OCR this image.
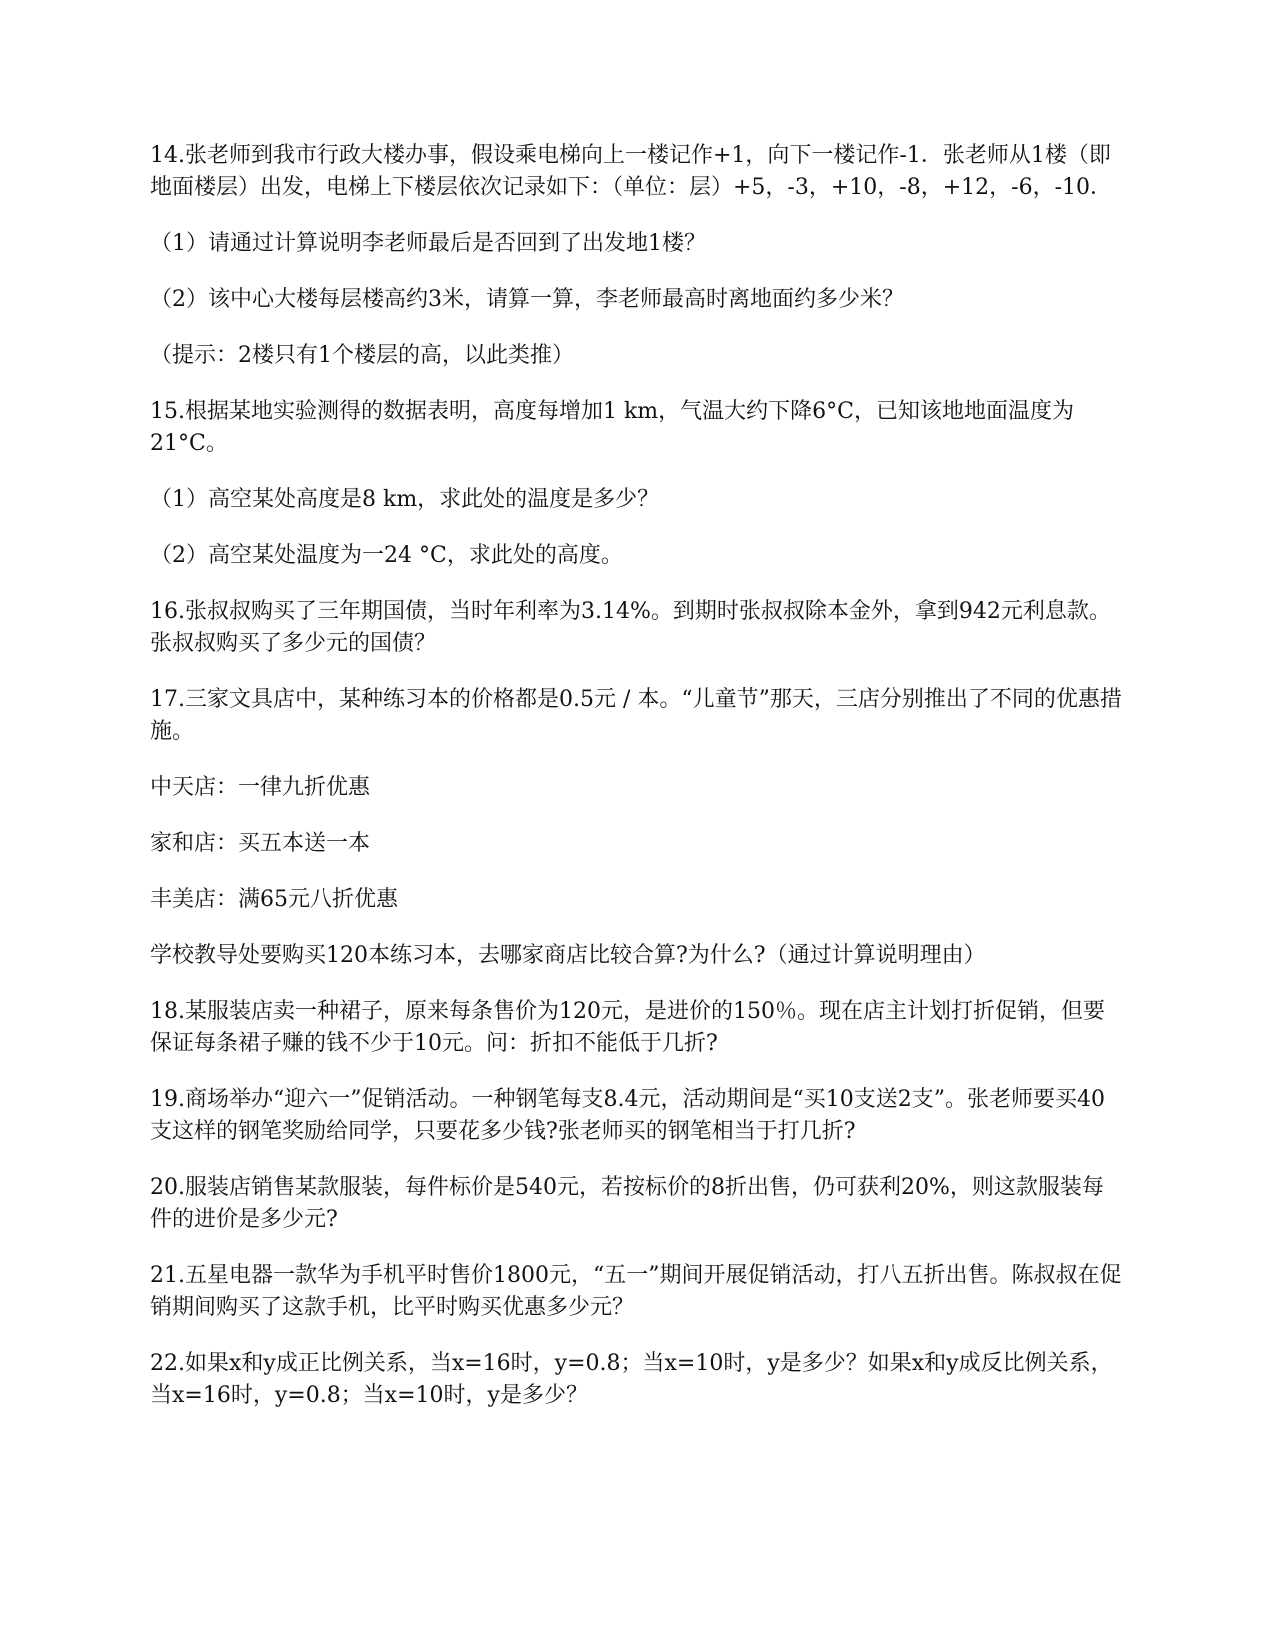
14.张老师到我市行政大楼办事，假设乘电梯向上一楼记作+1，向下一楼记作-1．张老师从1楼（即地面楼层）出发，电梯上下楼层依次记录如下：（单位：层）+5，-3，+10，-8，+12，-6，-10．

（1）请通过计算说明李老师最后是否回到了出发地1楼？

（2）该中心大楼每层楼高约3米，请算一算，李老师最高时离地面约多少米？

（提示：2楼只有1个楼层的高，以此类推）

15.根据某地实验测得的数据表明，高度每增加1 km，气温大约下降6°C，已知该地地面温度为21°C。

（1）高空某处高度是8 km，求此处的温度是多少？

（2）高空某处温度为一24 °C，求此处的高度。

16.张叔叔购买了三年期国债，当时年利率为3.14%。到期时张叔叔除本金外，拿到942元利息款。张叔叔购买了多少元的国债？

17.三家文具店中，某种练习本的价格都是0.5元 / 本。“儿童节”那天，三店分别推出了不同的优惠措施。

中天店：一律九折优惠

家和店：买五本送一本

丰美店：满65元八折优惠

学校教导处要购买120本练习本，去哪家商店比较合算?为什么?（通过计算说明理由）

18.某服装店卖一种裙子，原来每条售价为120元，是进价的150％。现在店主计划打折促销，但要保证每条裙子赚的钱不少于10元。问：折扣不能低于几折?

19.商场举办“迎六一”促销活动。一种钢笔每支8.4元，活动期间是“买10支送2支”。张老师要买40支这样的钢笔奖励给同学，只要花多少钱?张老师买的钢笔相当于打几折?

20.服装店销售某款服装，每件标价是540元，若按标价的8折出售，仍可获利20%，则这款服装每件的进价是多少元?

21.五星电器一款华为手机平时售价1800元，“五一”期间开展促销活动，打八五折出售。陈叔叔在促销期间购买了这款手机，比平时购买优惠多少元？

22.如果x和y成正比例关系，当x=16时，y=0.8；当x=10时，y是多少？如果x和y成反比例关系，当x=16时，y=0.8；当x=10时，y是多少？
